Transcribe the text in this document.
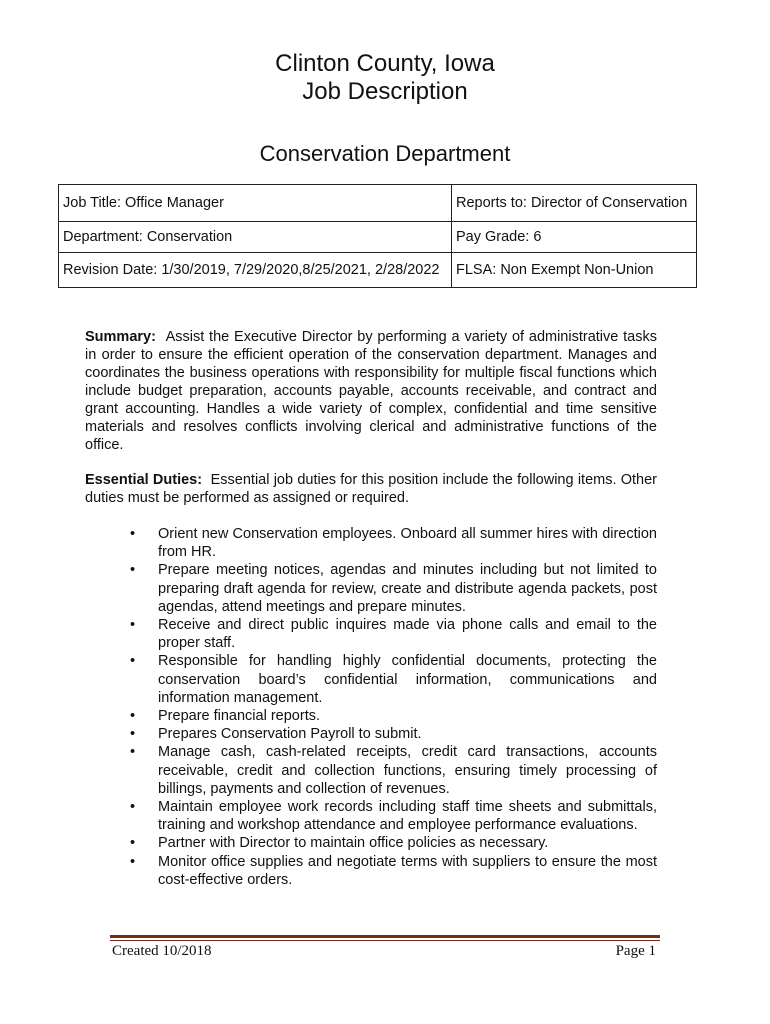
Clinton County, Iowa
Job Description
Conservation Department
Job Title: Office Manager	Reports to: Director of Conservation
Department: Conservation	Pay Grade: 6
Revision Date: 1/30/2019, 7/29/2020,8/25/2021, 2/28/2022	FLSA: Non Exempt Non-Union

Summary: Assist the Executive Director by performing a variety of administrative tasks in order to ensure the efficient operation of the conservation department. Manages and coordinates the business operations with responsibility for multiple fiscal functions which include budget preparation, accounts payable, accounts receivable, and contract and grant accounting. Handles a wide variety of complex, confidential and time sensitive materials and resolves conflicts involving clerical and administrative functions of the office.

Essential Duties: Essential job duties for this position include the following items. Other duties must be performed as assigned or required.

•	Orient new Conservation employees. Onboard all summer hires with direction from HR.
•	Prepare meeting notices, agendas and minutes including but not limited to preparing draft agenda for review, create and distribute agenda packets, post agendas, attend meetings and prepare minutes.
•	Receive and direct public inquires made via phone calls and email to the proper staff.
•	Responsible for handling highly confidential documents, protecting the conservation board’s confidential information, communications and information management.
•	Prepare financial reports.
•	Prepares Conservation Payroll to submit.
•	Manage cash, cash-related receipts, credit card transactions, accounts receivable, credit and collection functions, ensuring timely processing of billings, payments and collection of revenues.
•	Maintain employee work records including staff time sheets and submittals, training and workshop attendance and employee performance evaluations.
•	Partner with Director to maintain office policies as necessary.
•	Monitor office supplies and negotiate terms with suppliers to ensure the most cost-effective orders.
Created 10/2018	Page 1
